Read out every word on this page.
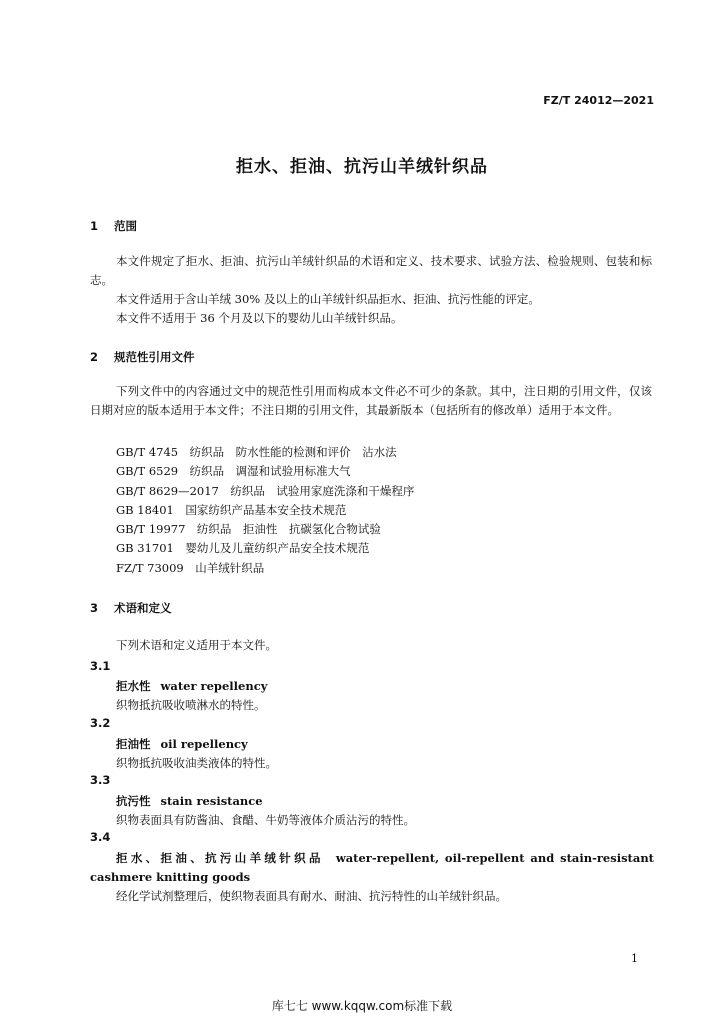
FZ/T 24012—2021
拒水、拒油、抗污山羊绒针织品
1 范围
本文件规定了拒水、拒油、抗污山羊绒针织品的术语和定义、技术要求、试验方法、检验规则、包装和标志。
本文件适用于含山羊绒 30% 及以上的山羊绒针织品拒水、拒油、抗污性能的评定。
本文件不适用于 36 个月及以下的婴幼儿山羊绒针织品。
2 规范性引用文件
下列文件中的内容通过文中的规范性引用而构成本文件必不可少的条款。其中，注日期的引用文件，仅该日期对应的版本适用于本文件；不注日期的引用文件，其最新版本（包括所有的修改单）适用于本文件。
GB/T 4745　纺织品　防水性能的检测和评价　沾水法
GB/T 6529　纺织品　调湿和试验用标准大气
GB/T 8629—2017　纺织品　试验用家庭洗涤和干燥程序
GB 18401　国家纺织产品基本安全技术规范
GB/T 19977　纺织品　拒油性　抗碳氢化合物试验
GB 31701　婴幼儿及儿童纺织产品安全技术规范
FZ/T 73009　山羊绒针织品
3 术语和定义
下列术语和定义适用于本文件。
3.1
拒水性 water repellency
织物抵抗吸收喷淋水的特性。
3.2
拒油性 oil repellency
织物抵抗吸收油类液体的特性。
3.3
抗污性 stain resistance
织物表面具有防酱油、食醋、牛奶等液体介质沾污的特性。
3.4
拒水、拒油、抗污山羊绒针织品 water-repellent, oil-repellent and stain-resistant cashmere knitting goods
经化学试剂整理后，使织物表面具有耐水、耐油、抗污特性的山羊绒针织品。
1
库七七 www.kqqw.com标准下载
